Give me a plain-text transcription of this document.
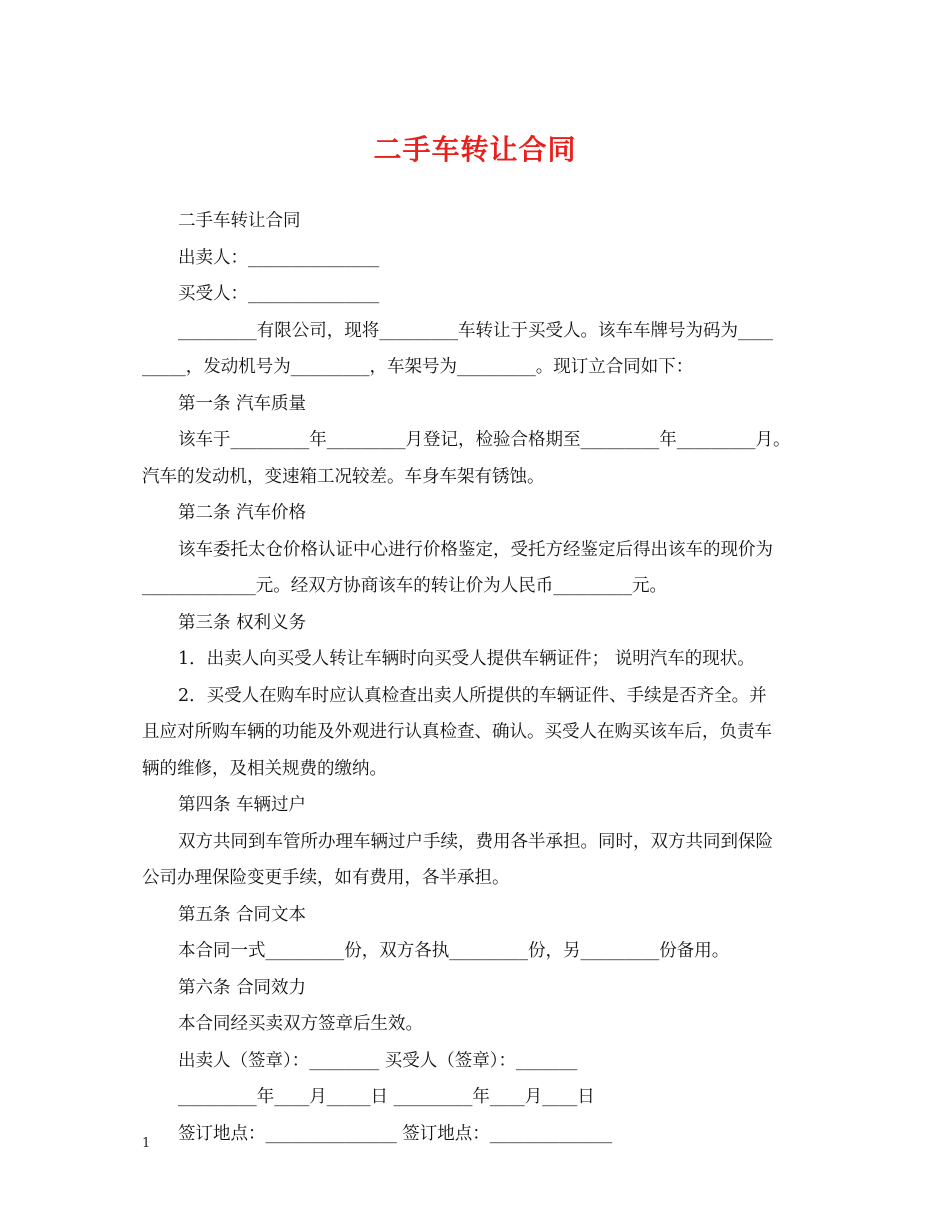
二手车转让合同
二手车转让合同
出卖人：_______________
买受人：_______________
_________有限公司，现将_________车转让于买受人。该车车牌号为码为____
_____，发动机号为_________，车架号为_________。现订立合同如下：
第一条 汽车质量
该车于_________年_________月登记，检验合格期至_________年_________月。
汽车的发动机，变速箱工况较差。车身车架有锈蚀。
第二条 汽车价格
该车委托太仓价格认证中心进行价格鉴定，受托方经鉴定后得出该车的现价为
_____________元。经双方协商该车的转让价为人民币_________元。
第三条 权利义务
1．出卖人向买受人转让车辆时向买受人提供车辆证件； 说明汽车的现状。
2．买受人在购车时应认真检查出卖人所提供的车辆证件、手续是否齐全。并
且应对所购车辆的功能及外观进行认真检查、确认。买受人在购买该车后，负责车
辆的维修，及相关规费的缴纳。
第四条 车辆过户
双方共同到车管所办理车辆过户手续，费用各半承担。同时，双方共同到保险
公司办理保险变更手续，如有费用，各半承担。
第五条 合同文本
本合同一式_________份，双方各执_________份，另_________份备用。
第六条 合同效力
本合同经买卖双方签章后生效。
出卖人（签章）：________ 买受人（签章）：_______
_________年____月_____日 _________年____月____日
签订地点：_______________ 签订地点：______________
1
